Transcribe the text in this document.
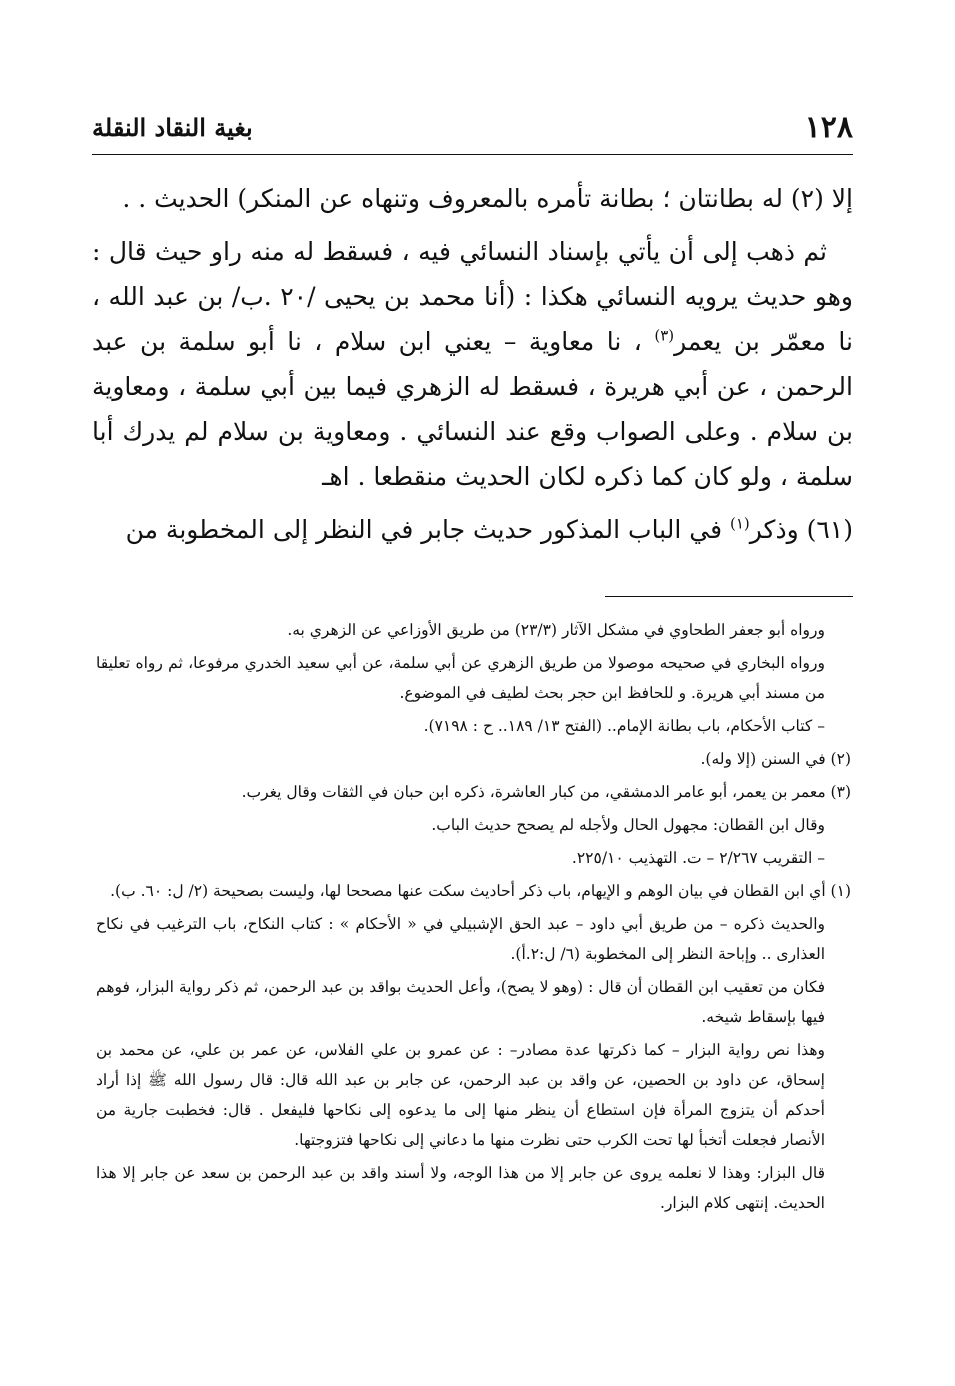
١٢٨
بغية النقاد النقلة

إلا (٢) له بطانتان ؛ بطانة تأمره بالمعروف وتنهاه عن المنكر) الحديث . .

ثم ذهب إلى أن يأتي بإسناد النسائي فيه ، فسقط له منه راو حيث قال : وهو حديث يرويه النسائي هكذا : (أنا محمد بن يحيى /٢٠ .ب/ بن عبد الله ، نا معمّر بن يعمر$^{(٣)}$ ، نا معاوية – يعني ابن سلام ، نا أبو سلمة بن عبد الرحمن ، عن أبي هريرة ، فسقط له الزهري فيما بين أبي سلمة ، ومعاوية بن سلام . وعلى الصواب وقع عند النسائي . ومعاوية بن سلام لم يدرك أبا سلمة ، ولو كان كما ذكره لكان الحديث منقطعا . اهـ

(٦١) وذكر$^{(١)}$ في الباب المذكور حديث جابر في النظر إلى المخطوبة من

ورواه أبو جعفر الطحاوي في مشكل الآثار (٢٣/٣) من طريق الأوزاعي عن الزهري به.

ورواه البخاري في صحيحه موصولا من طريق الزهري عن أبي سلمة، عن أبي سعيد الخدري مرفوعا، ثم رواه تعليقا من مسند أبي هريرة. و للحافظ ابن حجر بحث لطيف في الموضوع.

– كتاب الأحكام، باب بطانة الإمام.. (الفتح ١٣/ ١٨٩.. ح : ٧١٩٨).

(٢) في السنن (إلا وله).

(٣) معمر بن يعمر، أبو عامر الدمشقي، من كبار العاشرة، ذكره ابن حبان في الثقات وقال يغرب.

وقال ابن القطان: مجهول الحال ولأجله لم يصحح حديث الباب.

– التقريب ٢/٢٦٧ – ت. التهذيب ٢٢٥/١٠.

(١) أي ابن القطان في بيان الوهم و الإيهام، باب ذكر أحاديث سكت عنها مصححا لها، وليست بصحيحة (٢/ ل: ٦٠. ب).

والحديث ذكره – من طريق أبي داود – عبد الحق الإشبيلي في « الأحكام » : كتاب النكاح، باب الترغيب في نكاح العذارى .. وإباحة النظر إلى المخطوبة (٦/ ل:٢.أ).

فكان من تعقيب ابن القطان أن قال : (وهو لا يصح)، وأعل الحديث بواقد بن عبد الرحمن، ثم ذكر رواية البزار، فوهم فيها بإسقاط شيخه.

وهذا نص رواية البزار – كما ذكرتها عدة مصادر– : عن عمرو بن علي الفلاس، عن عمر بن علي، عن محمد بن إسحاق، عن داود بن الحصين، عن واقد بن عبد الرحمن، عن جابر بن عبد الله قال: قال رسول الله ﷺ إذا أراد أحدكم أن يتزوج المرأة فإن استطاع أن ينظر منها إلى ما يدعوه إلى نكاحها فليفعل . قال: فخطبت جارية من الأنصار فجعلت أتخبأ لها تحت الكرب حتى نظرت منها ما دعاني إلى نكاحها فتزوجتها.

قال البزار: وهذا لا نعلمه يروى عن جابر إلا من هذا الوجه، ولا أسند واقد بن عبد الرحمن بن سعد عن جابر إلا هذا الحديث. إنتهى كلام البزار.
